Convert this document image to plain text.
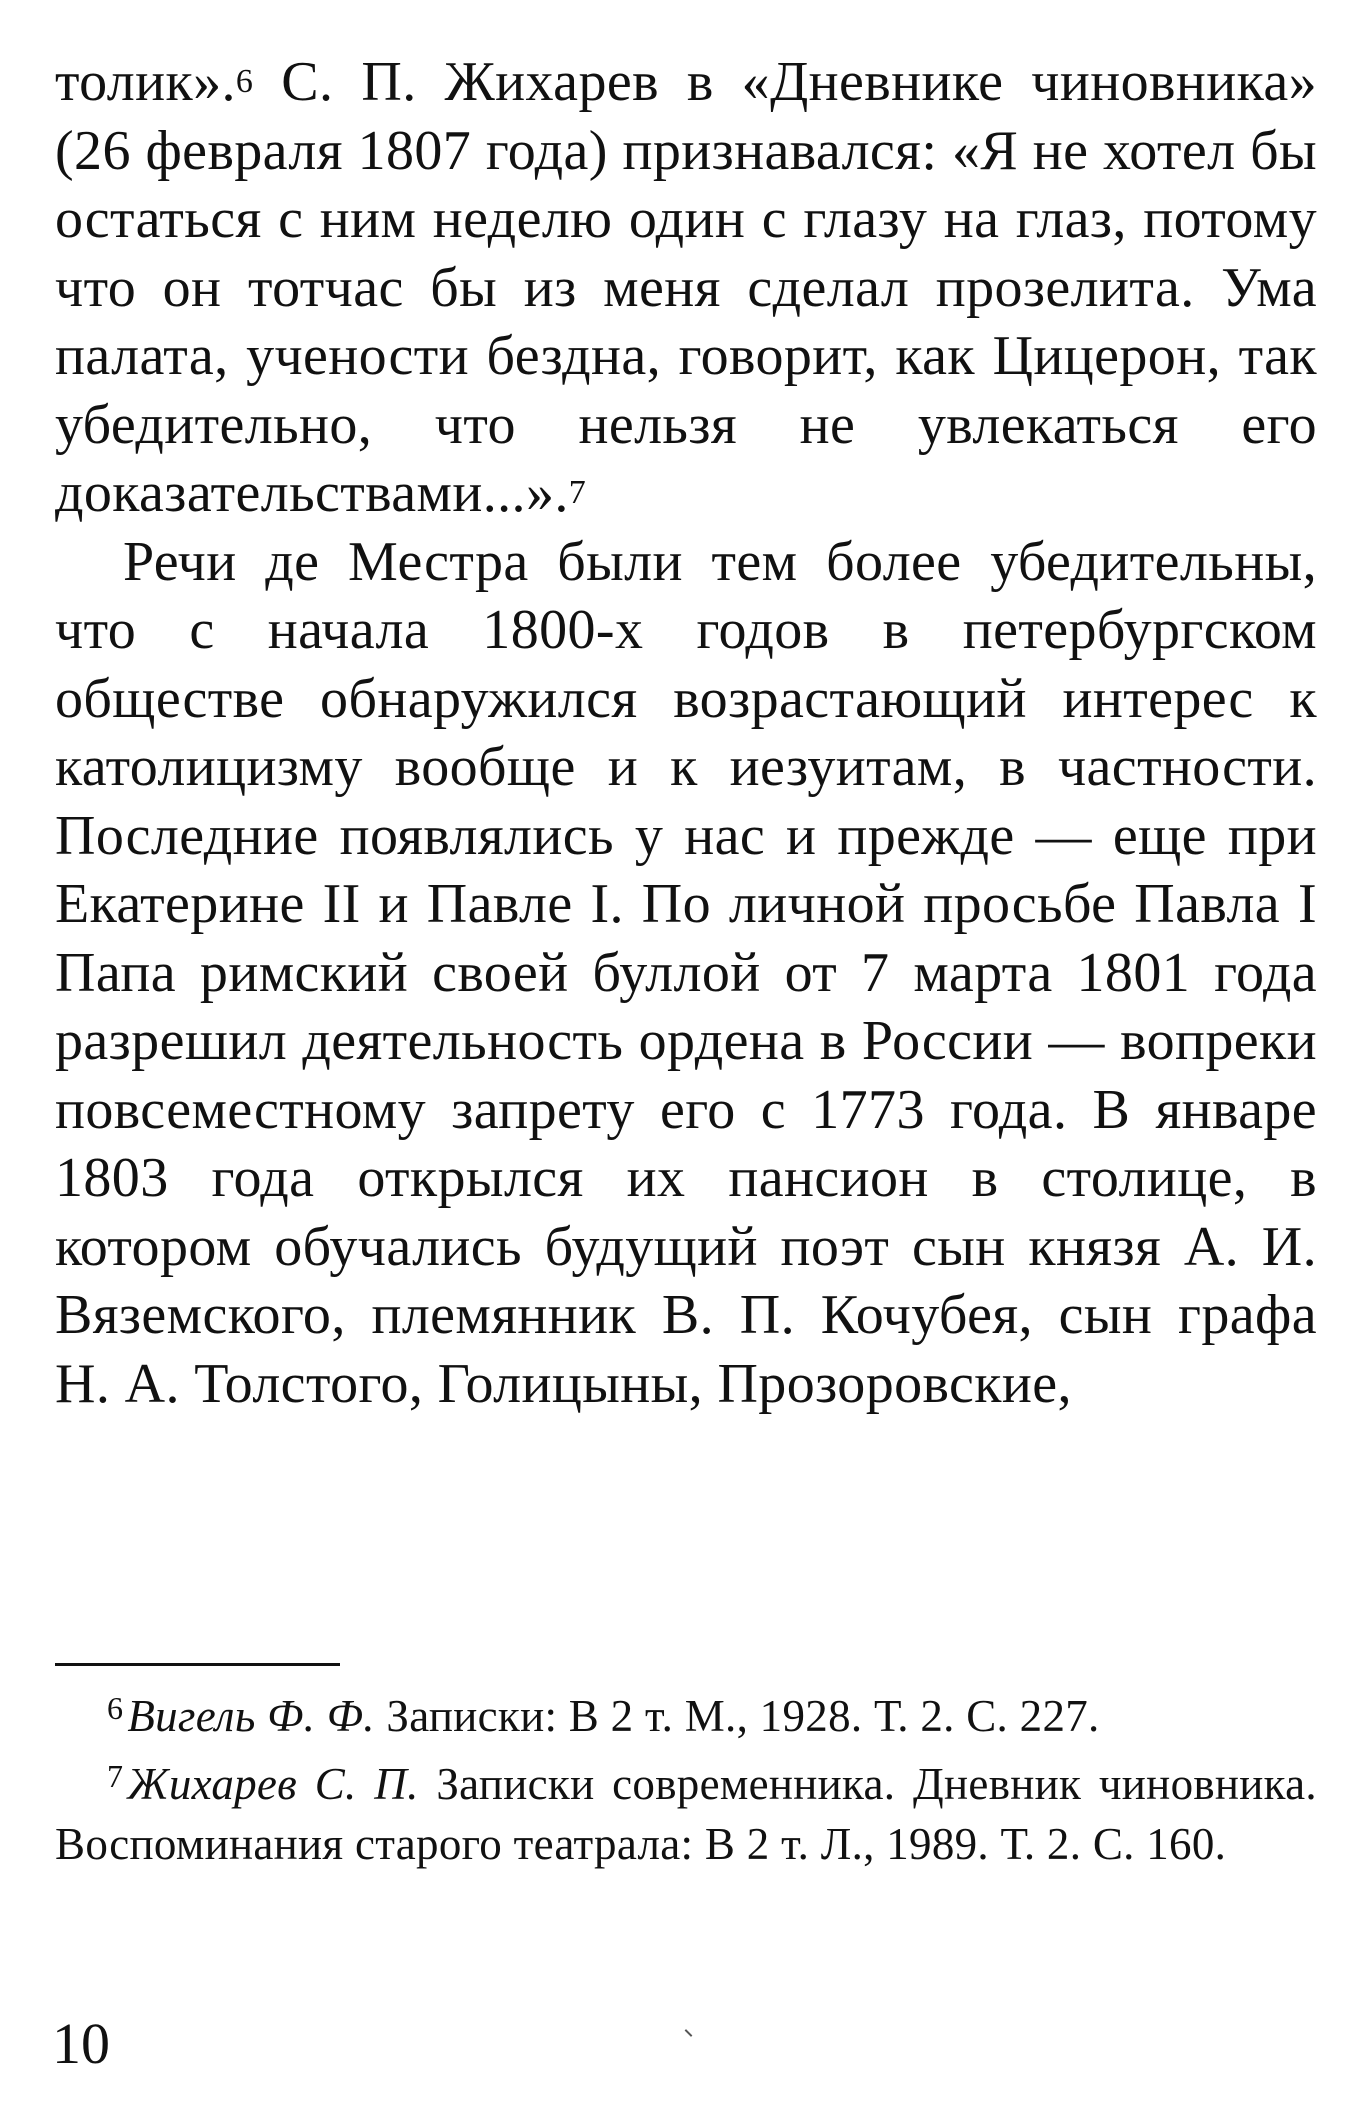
толик».$^6$ С. П. Жихарев в «Дневнике чиновника» (26 февраля 1807 года) признавался: «Я не хотел бы остаться с ним неделю один с глазу на глаз, потому что он тотчас бы из меня сделал прозелита. Ума палата, учености бездна, говорит, как Цицерон, так убедительно, что нельзя не увлекаться его доказательствами...».$^7$

Речи де Местра были тем более убедительны, что с начала 1800-х годов в петербургском обществе обнаружился возрастающий интерес к католицизму вообще и к иезуитам, в частности. Последние появлялись у нас и прежде — еще при Екатерине II и Павле I. По личной просьбе Павла I Папа римский своей буллой от 7 марта 1801 года разрешил деятельность ордена в России — вопреки повсеместному запрету его с 1773 года. В январе 1803 года открылся их пансион в столице, в котором обучались будущий поэт сын князя А. И. Вяземского, племянник В. П. Кочубея, сын графа Н. А. Толстого, Голицыны, Прозоровские,

$^6$Вигель Ф. Ф. Записки: В 2 т. М., 1928. Т. 2. С. 227.

$^7$Жихарев С. П. Записки современника. Дневник чиновника. Воспоминания старого театрала: В 2 т. Л., 1989. Т. 2. С. 160.

10
